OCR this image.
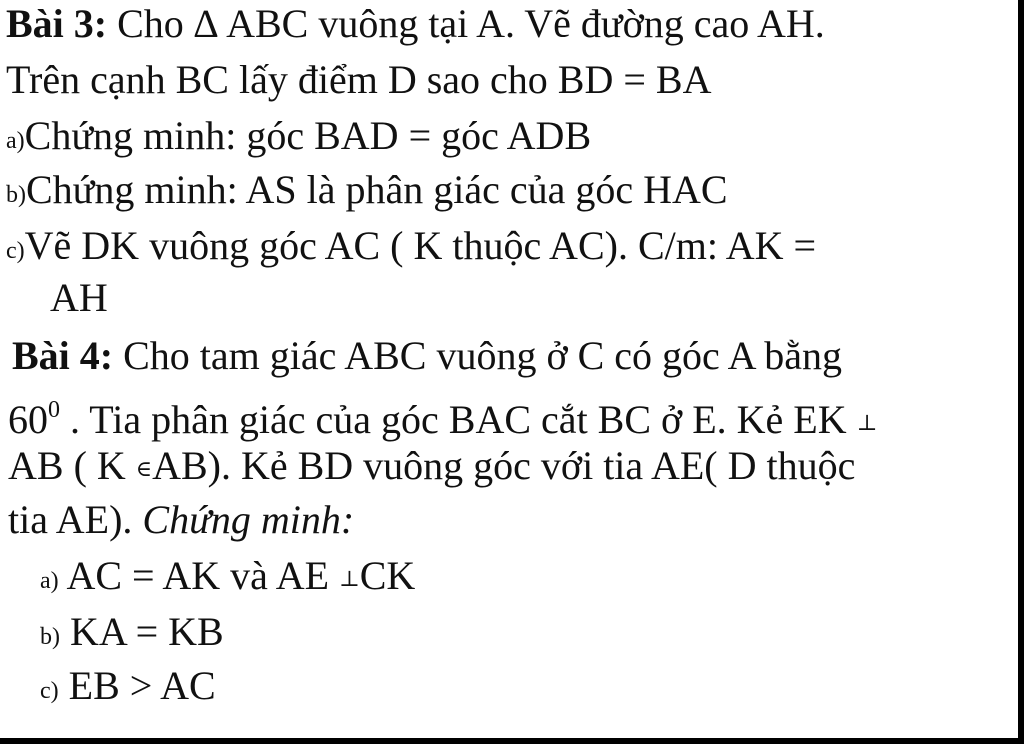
Bài 3: Cho ∆ ABC vuông tại A. Vẽ đường cao AH.
Trên cạnh BC lấy điểm D sao cho BD = BA
a)Chứng minh: góc BAD = góc ADB
b)Chứng minh: AS là phân giác của góc HAC
c)Vẽ DK vuông góc AC ( K thuộc AC). C/m: AK =
AH
Bài 4: Cho tam giác ABC vuông ở C có góc A bằng
$60^0$ . Tia phân giác của góc BAC cắt BC ở E. Kẻ EK ⊥
AB ( K ∈AB). Kẻ BD vuông góc với tia AE( D thuộc
tia AE). Chứng minh:
a) AC = AK và AE ⊥CK
b) KA = KB
c) EB > AC
